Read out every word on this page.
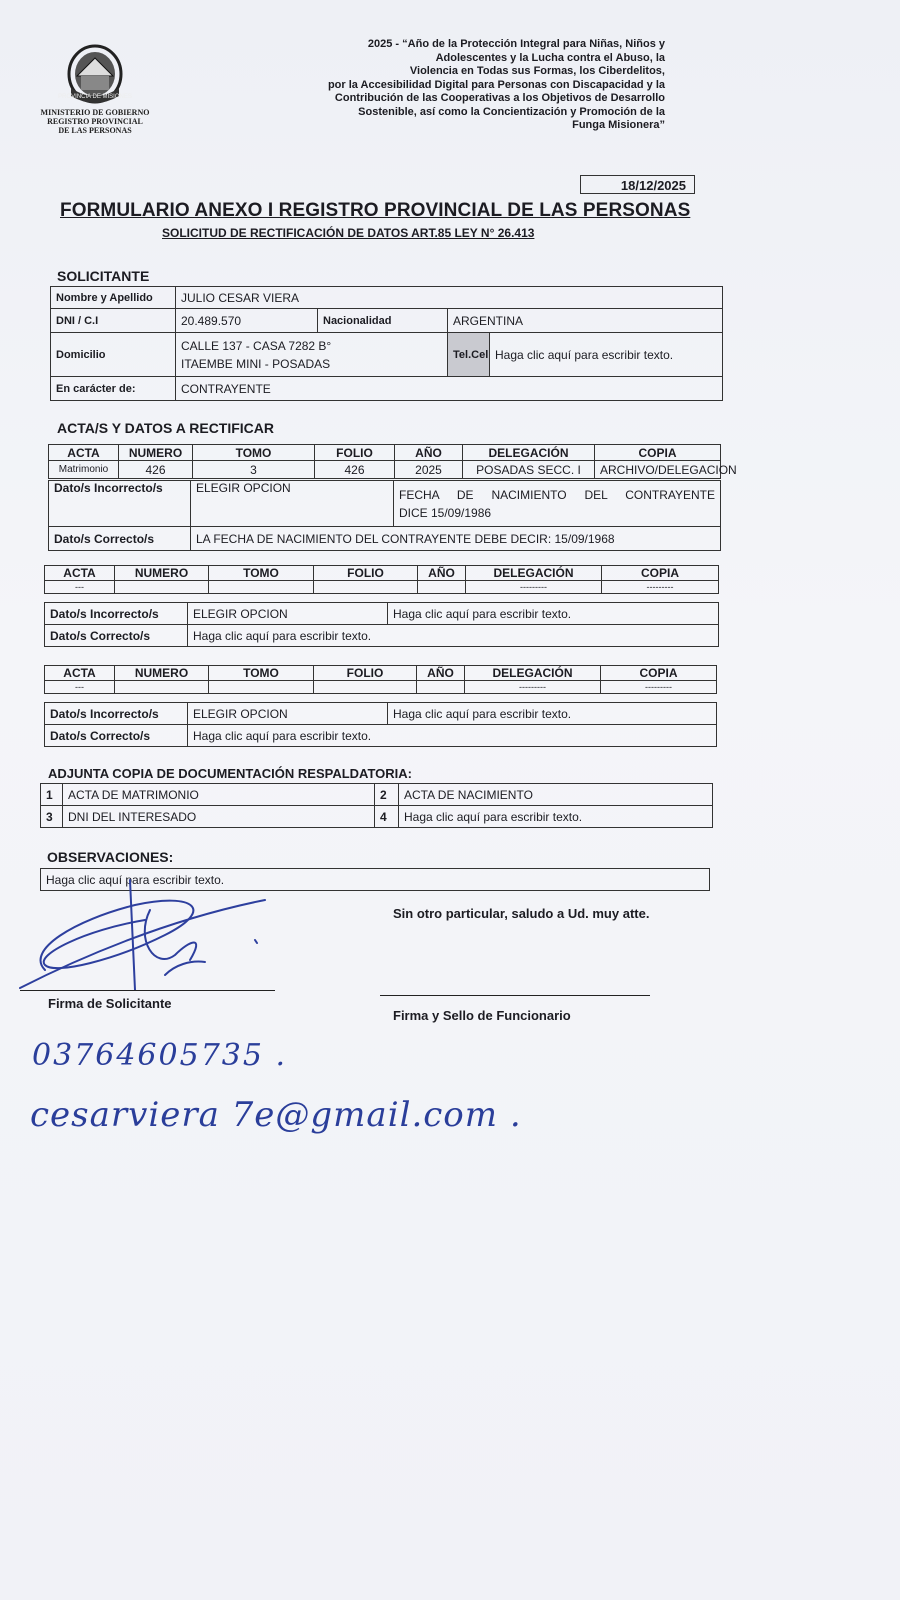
PROVINCIA DE MISIONES
MINISTERIO DE GOBIERNO
REGISTRO PROVINCIAL
DE LAS PERSONAS
2025 - “Año de la Protección Integral para Niñas, Niños y
Adolescentes y la Lucha contra el Abuso, la
Violencia en Todas sus Formas, los Ciberdelitos,
por la Accesibilidad Digital para Personas con Discapacidad y la
Contribución de las Cooperativas a los Objetivos de Desarrollo
Sostenible, así como la Concientización y Promoción de la
Funga Misionera”
18/12/2025
FORMULARIO ANEXO I REGISTRO PROVINCIAL DE LAS PERSONAS
SOLICITUD DE RECTIFICACIÓN DE DATOS ART.85 LEY N° 26.413
SOLICITANTE
Nombre y Apellido	JULIO CESAR VIERA			
DNI / C.I	20.489.570	Nacionalidad	ARGENTINA	
Domicilio	CALLE 137 - CASA 7282 B°
ITAEMBE MINI - POSADAS		Tel.Cel	Haga clic aquí para escribir texto.
En carácter de:	CONTRAYENTE			
ACTA/S Y DATOS A RECTIFICAR
ACTA	NUMERO	TOMO	FOLIO	AÑO	DELEGACIÓN	COPIA
Matrimonio	426	3	426	2025	POSADAS SECC. I	ARCHIVO/DELEGACION
Dato/s Incorrecto/s	ELEGIR OPCION	FECHA DE NACIMIENTO DEL CONTRAYENTE
DICE 15/09/1986

Dato/s Correcto/s	LA FECHA DE NACIMIENTO DEL CONTRAYENTE DEBE DECIR: 15/09/1968	
ACTA	NUMERO	TOMO	FOLIO	AÑO	DELEGACIÓN	COPIA
---					---------	---------
Dato/s Incorrecto/s	ELEGIR OPCION	Haga clic aquí para escribir texto.
Dato/s Correcto/s	Haga clic aquí para escribir texto.	
ACTA	NUMERO	TOMO	FOLIO	AÑO	DELEGACIÓN	COPIA
---					---------	---------
Dato/s Incorrecto/s	ELEGIR OPCION	Haga clic aquí para escribir texto.
Dato/s Correcto/s	Haga clic aquí para escribir texto.	
ADJUNTA COPIA DE DOCUMENTACIÓN RESPALDATORIA:
1	ACTA DE MATRIMONIO	2	ACTA DE NACIMIENTO
3	DNI DEL INTERESADO	4	Haga clic aquí para escribir texto.
OBSERVACIONES:
Haga clic aquí para escribir texto.
Sin otro particular, saludo a Ud. muy atte.
Firma de Solicitante
Firma y Sello de Funcionario
03764605735 .
cesarviera 7e@gmail.com .
